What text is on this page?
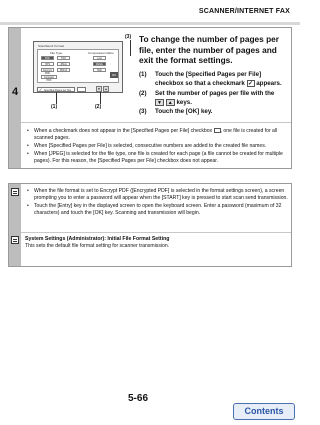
SCANNER/INTERNET FAX
4
Scan/Send: Format
File Type	Compression Ratio
PDF	TIFF
XPS	JPEG
Encrypt PDF
PDF/A
Compact PDF
Low
Middle
High
OK
✓ Specified Pages per File	▼	▲
(3)
(1)	(2)
To change the number of pages per file, enter the number of pages and exit the format settings.
(1) Touch the [Specified Pages per File] checkbox so that a checkmark ✓ appears.
(2) Set the number of pages per file with the
▼ ▲ keys.
(3) Touch the [OK] key.
• When a checkmark does not appear in the [Specified Pages per File] checkbox , one file is created for all scanned pages.
• When [Specified Pages per File] is selected, consecutive numbers are added to the created file names.
• When [JPEG] is selected for the file type, one file is created for each page (a file cannot be created for multiple pages). For this reason, the [Specified Pages per File] checkbox does not appear.
• When the file format is set to Encrypt PDF ([Encrypted PDF] is selected in the format settings screen), a screen prompting you to enter a password will appear when the [START] key is pressed to start scan send transmission.
• Touch the [Entry] key in the displayed screen to open the keyboard screen. Enter a password (maximum of 32 characters) and touch the [OK] key. Scanning and transmission will begin.
System Settings (Administrator): Initial File Format Setting
This sets the default file format setting for scanner transmission.
5-66
Contents
